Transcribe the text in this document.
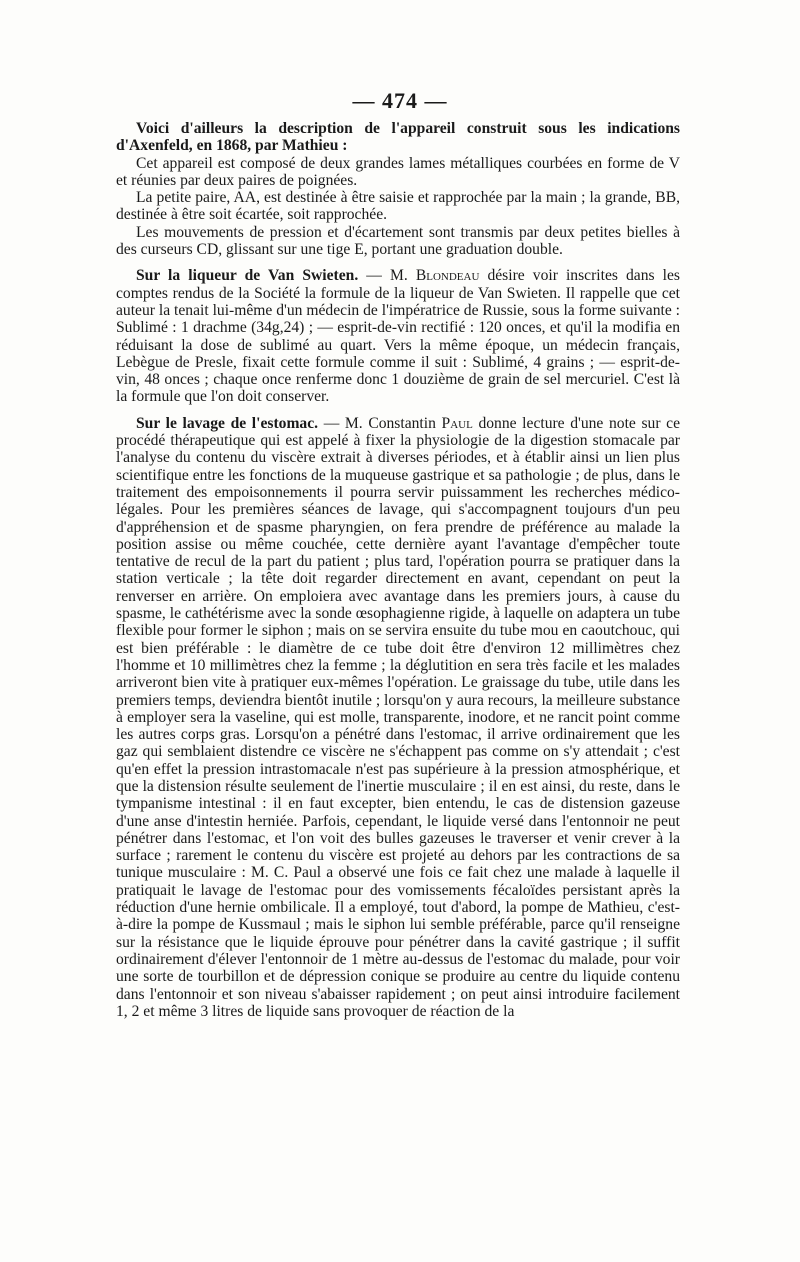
— 474 —

Voici d'ailleurs la description de l'appareil construit sous les indications d'Axenfeld, en 1868, par Mathieu :

Cet appareil est composé de deux grandes lames métalliques courbées en forme de V et réunies par deux paires de poignées.

La petite paire, AA, est destinée à être saisie et rapprochée par la main ; la grande, BB, destinée à être soit écartée, soit rapprochée.

Les mouvements de pression et d'écartement sont transmis par deux petites bielles à des curseurs CD, glissant sur une tige E, portant une graduation double.

Sur la liqueur de Van Swieten. — M. Blondeau désire voir inscrites dans les comptes rendus de la Société la formule de la liqueur de Van Swieten. Il rappelle que cet auteur la tenait lui-même d'un médecin de l'impératrice de Russie, sous la forme suivante : Sublimé : 1 drachme (34g,24) ; — esprit-de-vin rectifié : 120 onces, et qu'il la modifia en réduisant la dose de sublimé au quart. Vers la même époque, un médecin français, Lebègue de Presle, fixait cette formule comme il suit : Sublimé, 4 grains ; — esprit-de-vin, 48 onces ; chaque once renferme donc 1 douzième de grain de sel mercuriel. C'est là la formule que l'on doit conserver.

Sur le lavage de l'estomac. — M. Constantin Paul donne lecture d'une note sur ce procédé thérapeutique qui est appelé à fixer la physiologie de la digestion stomacale par l'analyse du contenu du viscère extrait à diverses périodes, et à établir ainsi un lien plus scientifique entre les fonctions de la muqueuse gastrique et sa pathologie ; de plus, dans le traitement des empoisonnements il pourra servir puissamment les recherches médico-légales. Pour les premières séances de lavage, qui s'accompagnent toujours d'un peu d'appréhension et de spasme pharyngien, on fera prendre de préférence au malade la position assise ou même couchée, cette dernière ayant l'avantage d'empêcher toute tentative de recul de la part du patient ; plus tard, l'opération pourra se pratiquer dans la station verticale ; la tête doit regarder directement en avant, cependant on peut la renverser en arrière. On emploiera avec avantage dans les premiers jours, à cause du spasme, le cathétérisme avec la sonde œsophagienne rigide, à laquelle on adaptera un tube flexible pour former le siphon ; mais on se servira ensuite du tube mou en caoutchouc, qui est bien préférable : le diamètre de ce tube doit être d'environ 12 millimètres chez l'homme et 10 millimètres chez la femme ; la déglutition en sera très facile et les malades arriveront bien vite à pratiquer eux-mêmes l'opération. Le graissage du tube, utile dans les premiers temps, deviendra bientôt inutile ; lorsqu'on y aura recours, la meilleure substance à employer sera la vaseline, qui est molle, transparente, inodore, et ne rancit point comme les autres corps gras. Lorsqu'on a pénétré dans l'estomac, il arrive ordinairement que les gaz qui semblaient distendre ce viscère ne s'échappent pas comme on s'y attendait ; c'est qu'en effet la pression intrastomacale n'est pas supérieure à la pression atmosphérique, et que la distension résulte seulement de l'inertie musculaire ; il en est ainsi, du reste, dans le tympanisme intestinal : il en faut excepter, bien entendu, le cas de distension gazeuse d'une anse d'intestin herniée. Parfois, cependant, le liquide versé dans l'entonnoir ne peut pénétrer dans l'estomac, et l'on voit des bulles gazeuses le traverser et venir crever à la surface ; rarement le contenu du viscère est projeté au dehors par les contractions de sa tunique musculaire : M. C. Paul a observé une fois ce fait chez une malade à laquelle il pratiquait le lavage de l'estomac pour des vomissements fécaloïdes persistant après la réduction d'une hernie ombilicale. Il a employé, tout d'abord, la pompe de Mathieu, c'est-à-dire la pompe de Kussmaul ; mais le siphon lui semble préférable, parce qu'il renseigne sur la résistance que le liquide éprouve pour pénétrer dans la cavité gastrique ; il suffit ordinairement d'élever l'entonnoir de 1 mètre au-dessus de l'estomac du malade, pour voir une sorte de tourbillon et de dépression conique se produire au centre du liquide contenu dans l'entonnoir et son niveau s'abaisser rapidement ; on peut ainsi introduire facilement 1, 2 et même 3 litres de liquide sans provoquer de réaction de la
